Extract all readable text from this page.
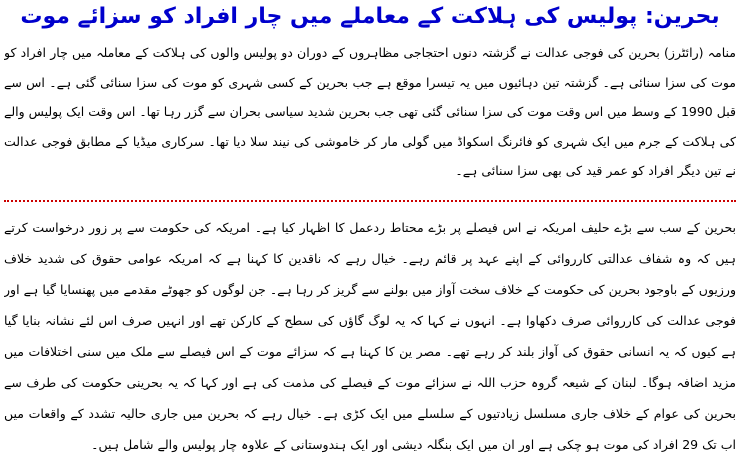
بحرین: پولیس کی ہلاکت کے معاملے میں چار افراد کو سزائے موت
منامہ (رائٹرز) بحرین کی فوجی عدالت نے گزشتہ دنوں احتجاجی مظاہروں کے دوران دو پولیس والوں کی ہلاکت کے معاملہ میں چار افراد کو موت کی سزا سنائی ہے۔ گزشتہ تین دہائیوں میں یہ تیسرا موقع ہے جب بحرین کے کسی شہری کو موت کی سزا سنائی گئی ہے۔ اس سے قبل 1990 کے وسط میں اس وقت موت کی سزا سنائی گئی تھی جب بحرین شدید سیاسی بحران سے گزر رہا تھا۔ اس وقت ایک پولیس والے کی ہلاکت کے جرم میں ایک شہری کو فائرنگ اسکواڈ میں گولی مار کر خاموشی کی نیند سلا دیا تھا۔ سرکاری میڈیا کے مطابق فوجی عدالت نے تین دیگر افراد کو عمر قید کی بھی سزا سنائی ہے۔
بحرین کے سب سے بڑے حلیف امریکہ نے اس فیصلے پر بڑے محتاط ردعمل کا اظہار کیا ہے۔ امریکہ کی حکومت سے پر زور درخواست کرتے ہیں کہ وہ شفاف عدالتی کارروائی کے اپنے عہد پر قائم رہے۔ خیال رہے کہ ناقدین کا کہنا ہے کہ امریکہ عوامی حقوق کی شدید خلاف ورزیوں کے باوجود بحرین کی حکومت کے خلاف سخت آواز میں بولنے سے گریز کر رہا ہے۔ جن لوگوں کو جھوٹے مقدمے میں پھنسایا گیا ہے اور فوجی عدالت کی کارروائی صرف دکھاوا ہے۔ انہوں نے کہا کہ یہ لوگ گاؤں کی سطح کے کارکن تھے اور انہیں صرف اس لئے نشانہ بنایا گیا ہے کیوں کہ یہ انسانی حقوق کی آواز بلند کر رہے تھے۔ مصر ین کا کہنا ہے کہ سزائے موت کے اس فیصلے سے ملک میں سنی اختلافات میں مزید اضافہ ہوگا۔ لبنان کے شیعہ گروہ حزب اللہ نے سزائے موت کے فیصلے کی مذمت کی ہے اور کہا کہ یہ بحرینی حکومت کی طرف سے بحرین کی عوام کے خلاف جاری مسلسل زیادتیوں کے سلسلے میں ایک کڑی ہے۔ خیال رہے کہ بحرین میں جاری حالیہ تشدد کے واقعات میں اب تک 29 افراد کی موت ہو چکی ہے اور ان میں ایک بنگلہ دیشی اور ایک ہندوستانی کے علاوہ چار پولیس والے شامل ہیں۔
